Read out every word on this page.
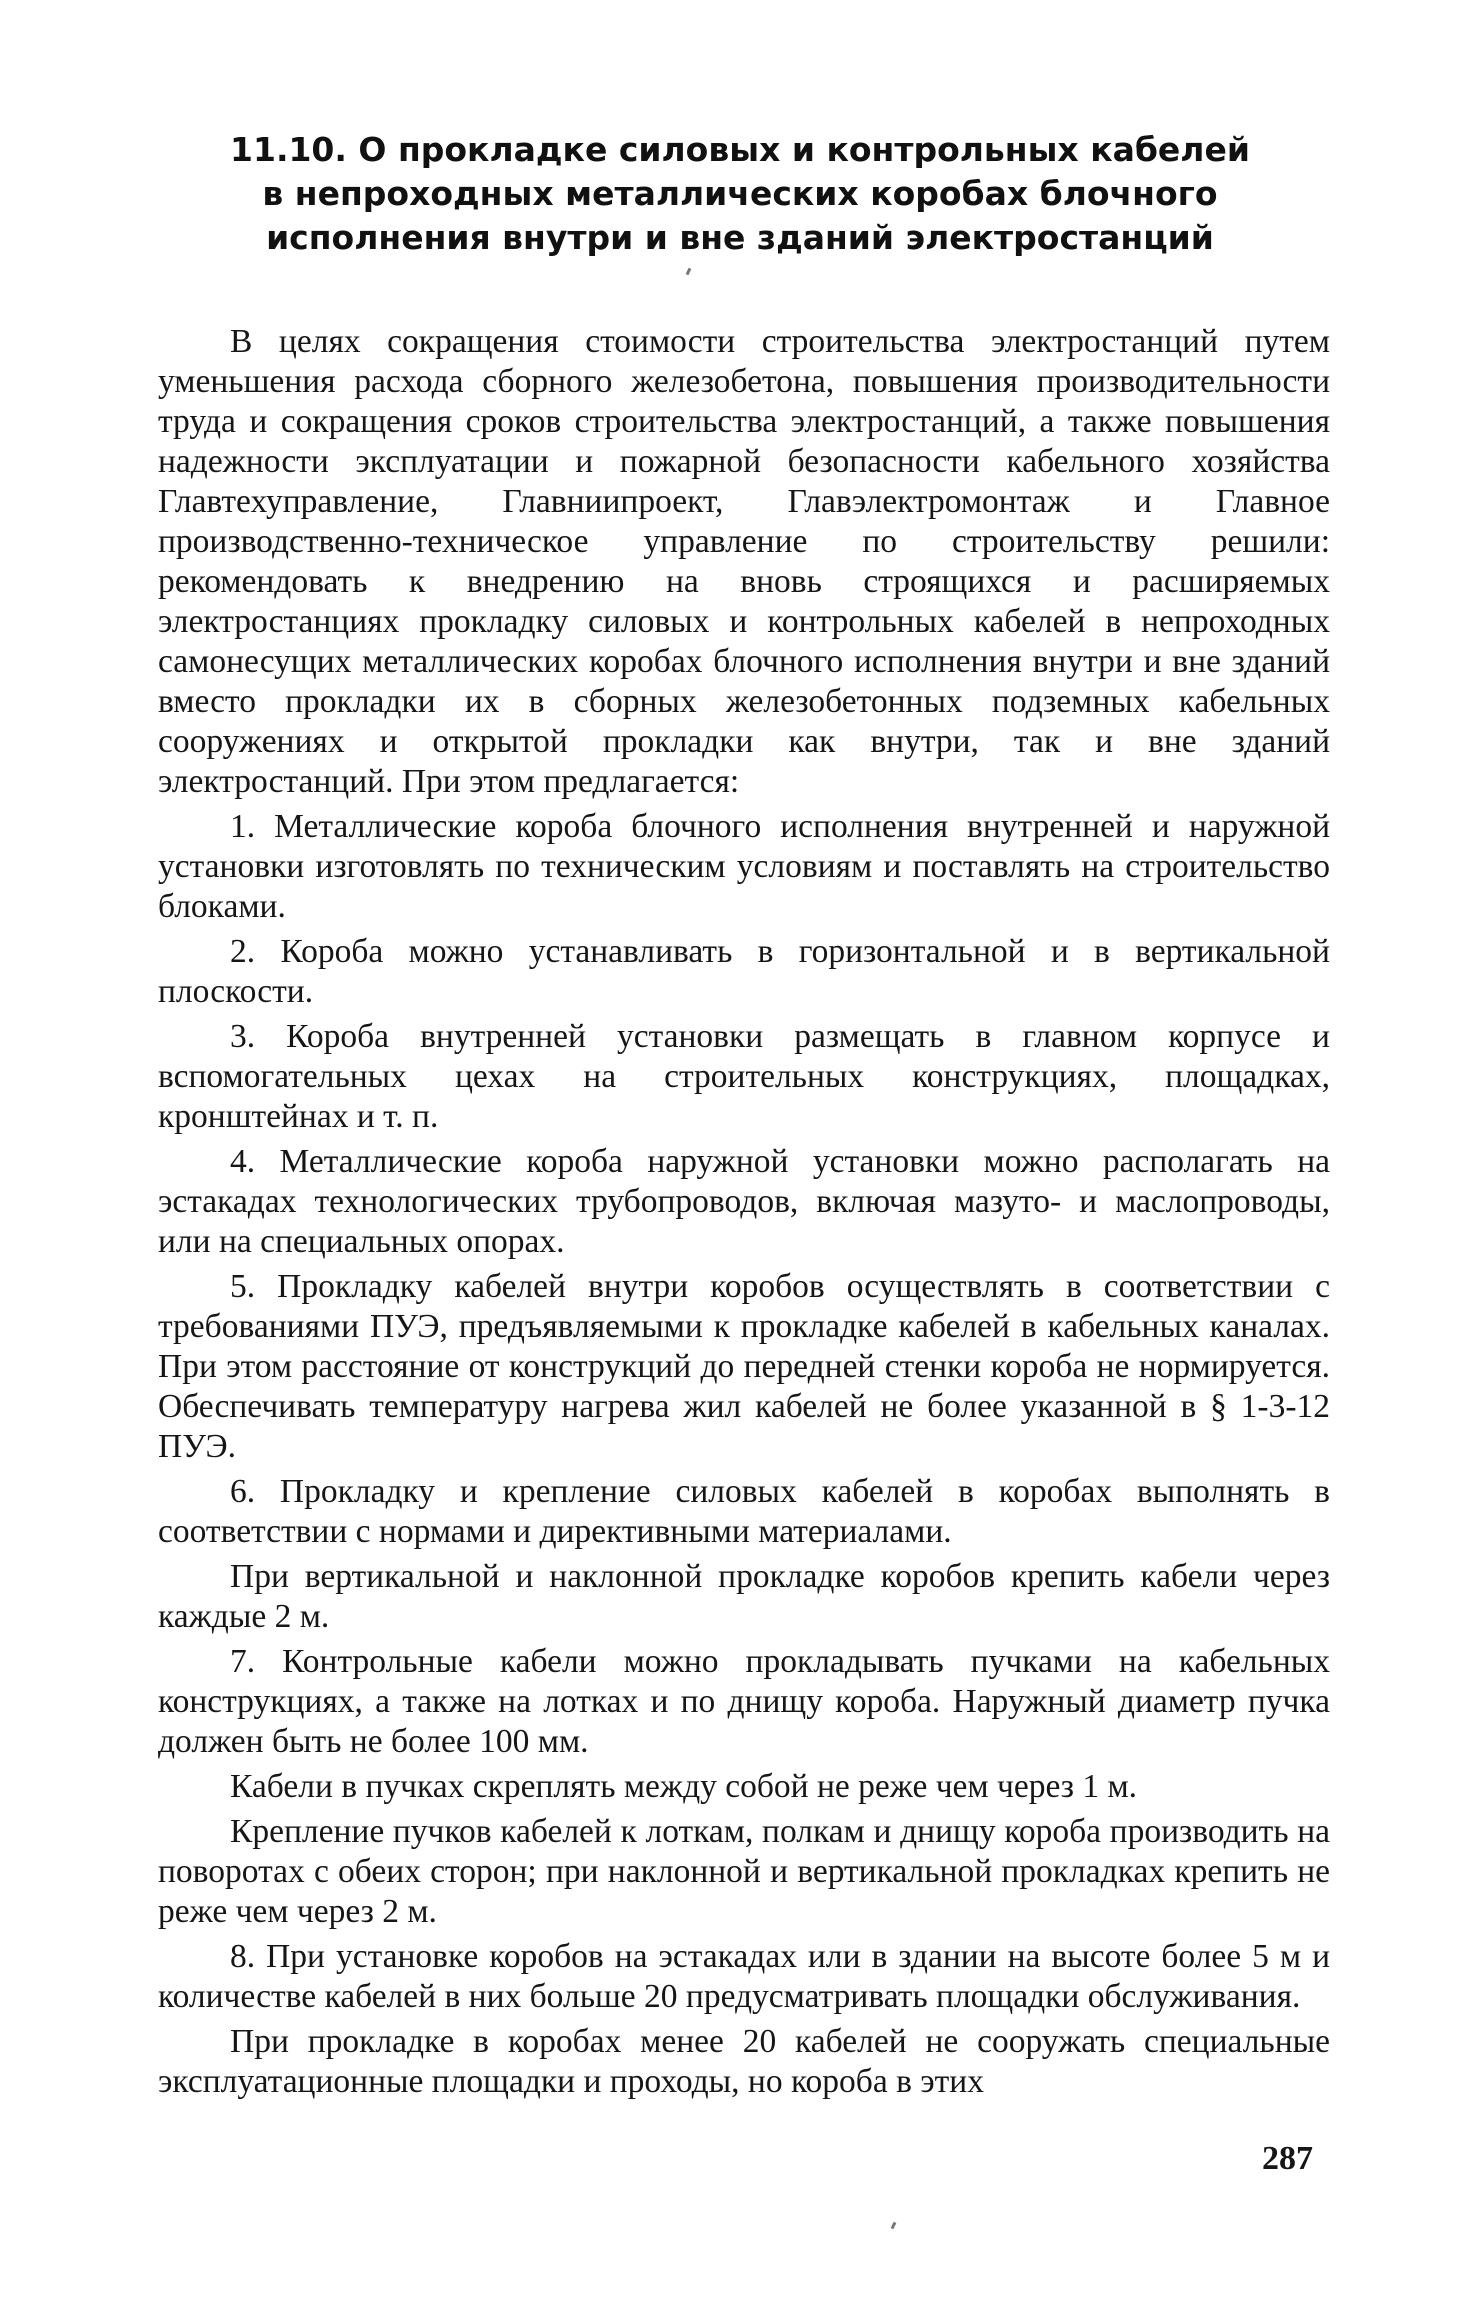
11.10. О прокладке силовых и контрольных кабелей
в непроходных металлических коробах блочного
исполнения внутри и вне зданий электростанций

В целях сокращения стоимости строительства электростанций путем уменьшения расхода сборного железобетона, повышения производительности труда и сокращения сроков строительства электростанций, а также повышения надежности эксплуатации и пожарной безопасности кабельного хозяйства Главтехуправление, Главниипроект, Главэлектромонтаж и Главное производственно-техническое управление по строительству решили: рекомендовать к внедрению на вновь строящихся и расширяемых электростанциях прокладку силовых и контрольных кабелей в непроходных самонесущих металлических коробах блочного исполнения внутри и вне зданий вместо прокладки их в сборных железобетонных подземных кабельных сооружениях и открытой прокладки как внутри, так и вне зданий электростанций. При этом предлагается:

1. Металлические короба блочного исполнения внутренней и наружной установки изготовлять по техническим условиям и поставлять на строительство блоками.

2. Короба можно устанавливать в горизонтальной и в вертикальной плоскости.

3. Короба внутренней установки размещать в главном корпусе и вспомогательных цехах на строительных конструкциях, площадках, кронштейнах и т. п.

4. Металлические короба наружной установки можно располагать на эстакадах технологических трубопроводов, включая мазуто- и маслопроводы, или на специальных опорах.

5. Прокладку кабелей внутри коробов осуществлять в соответствии с требованиями ПУЭ, предъявляемыми к прокладке кабелей в кабельных каналах. При этом расстояние от конструкций до передней стенки короба не нормируется. Обеспечивать температуру нагрева жил кабелей не более указанной в § 1-3-12 ПУЭ.

6. Прокладку и крепление силовых кабелей в коробах выполнять в соответствии с нормами и директивными материалами.

При вертикальной и наклонной прокладке коробов крепить кабели через каждые 2 м.

7. Контрольные кабели можно прокладывать пучками на кабельных конструкциях, а также на лотках и по днищу короба. Наружный диаметр пучка должен быть не более 100 мм.

Кабели в пучках скреплять между собой не реже чем через 1 м.

Крепление пучков кабелей к лоткам, полкам и днищу короба производить на поворотах с обеих сторон; при наклонной и вертикальной прокладках крепить не реже чем через 2 м.

8. При установке коробов на эстакадах или в здании на высоте более 5 м и количестве кабелей в них больше 20 предусматривать площадки обслуживания.

При прокладке в коробах менее 20 кабелей не сооружать специальные эксплуатационные площадки и проходы, но короба в этих

287
